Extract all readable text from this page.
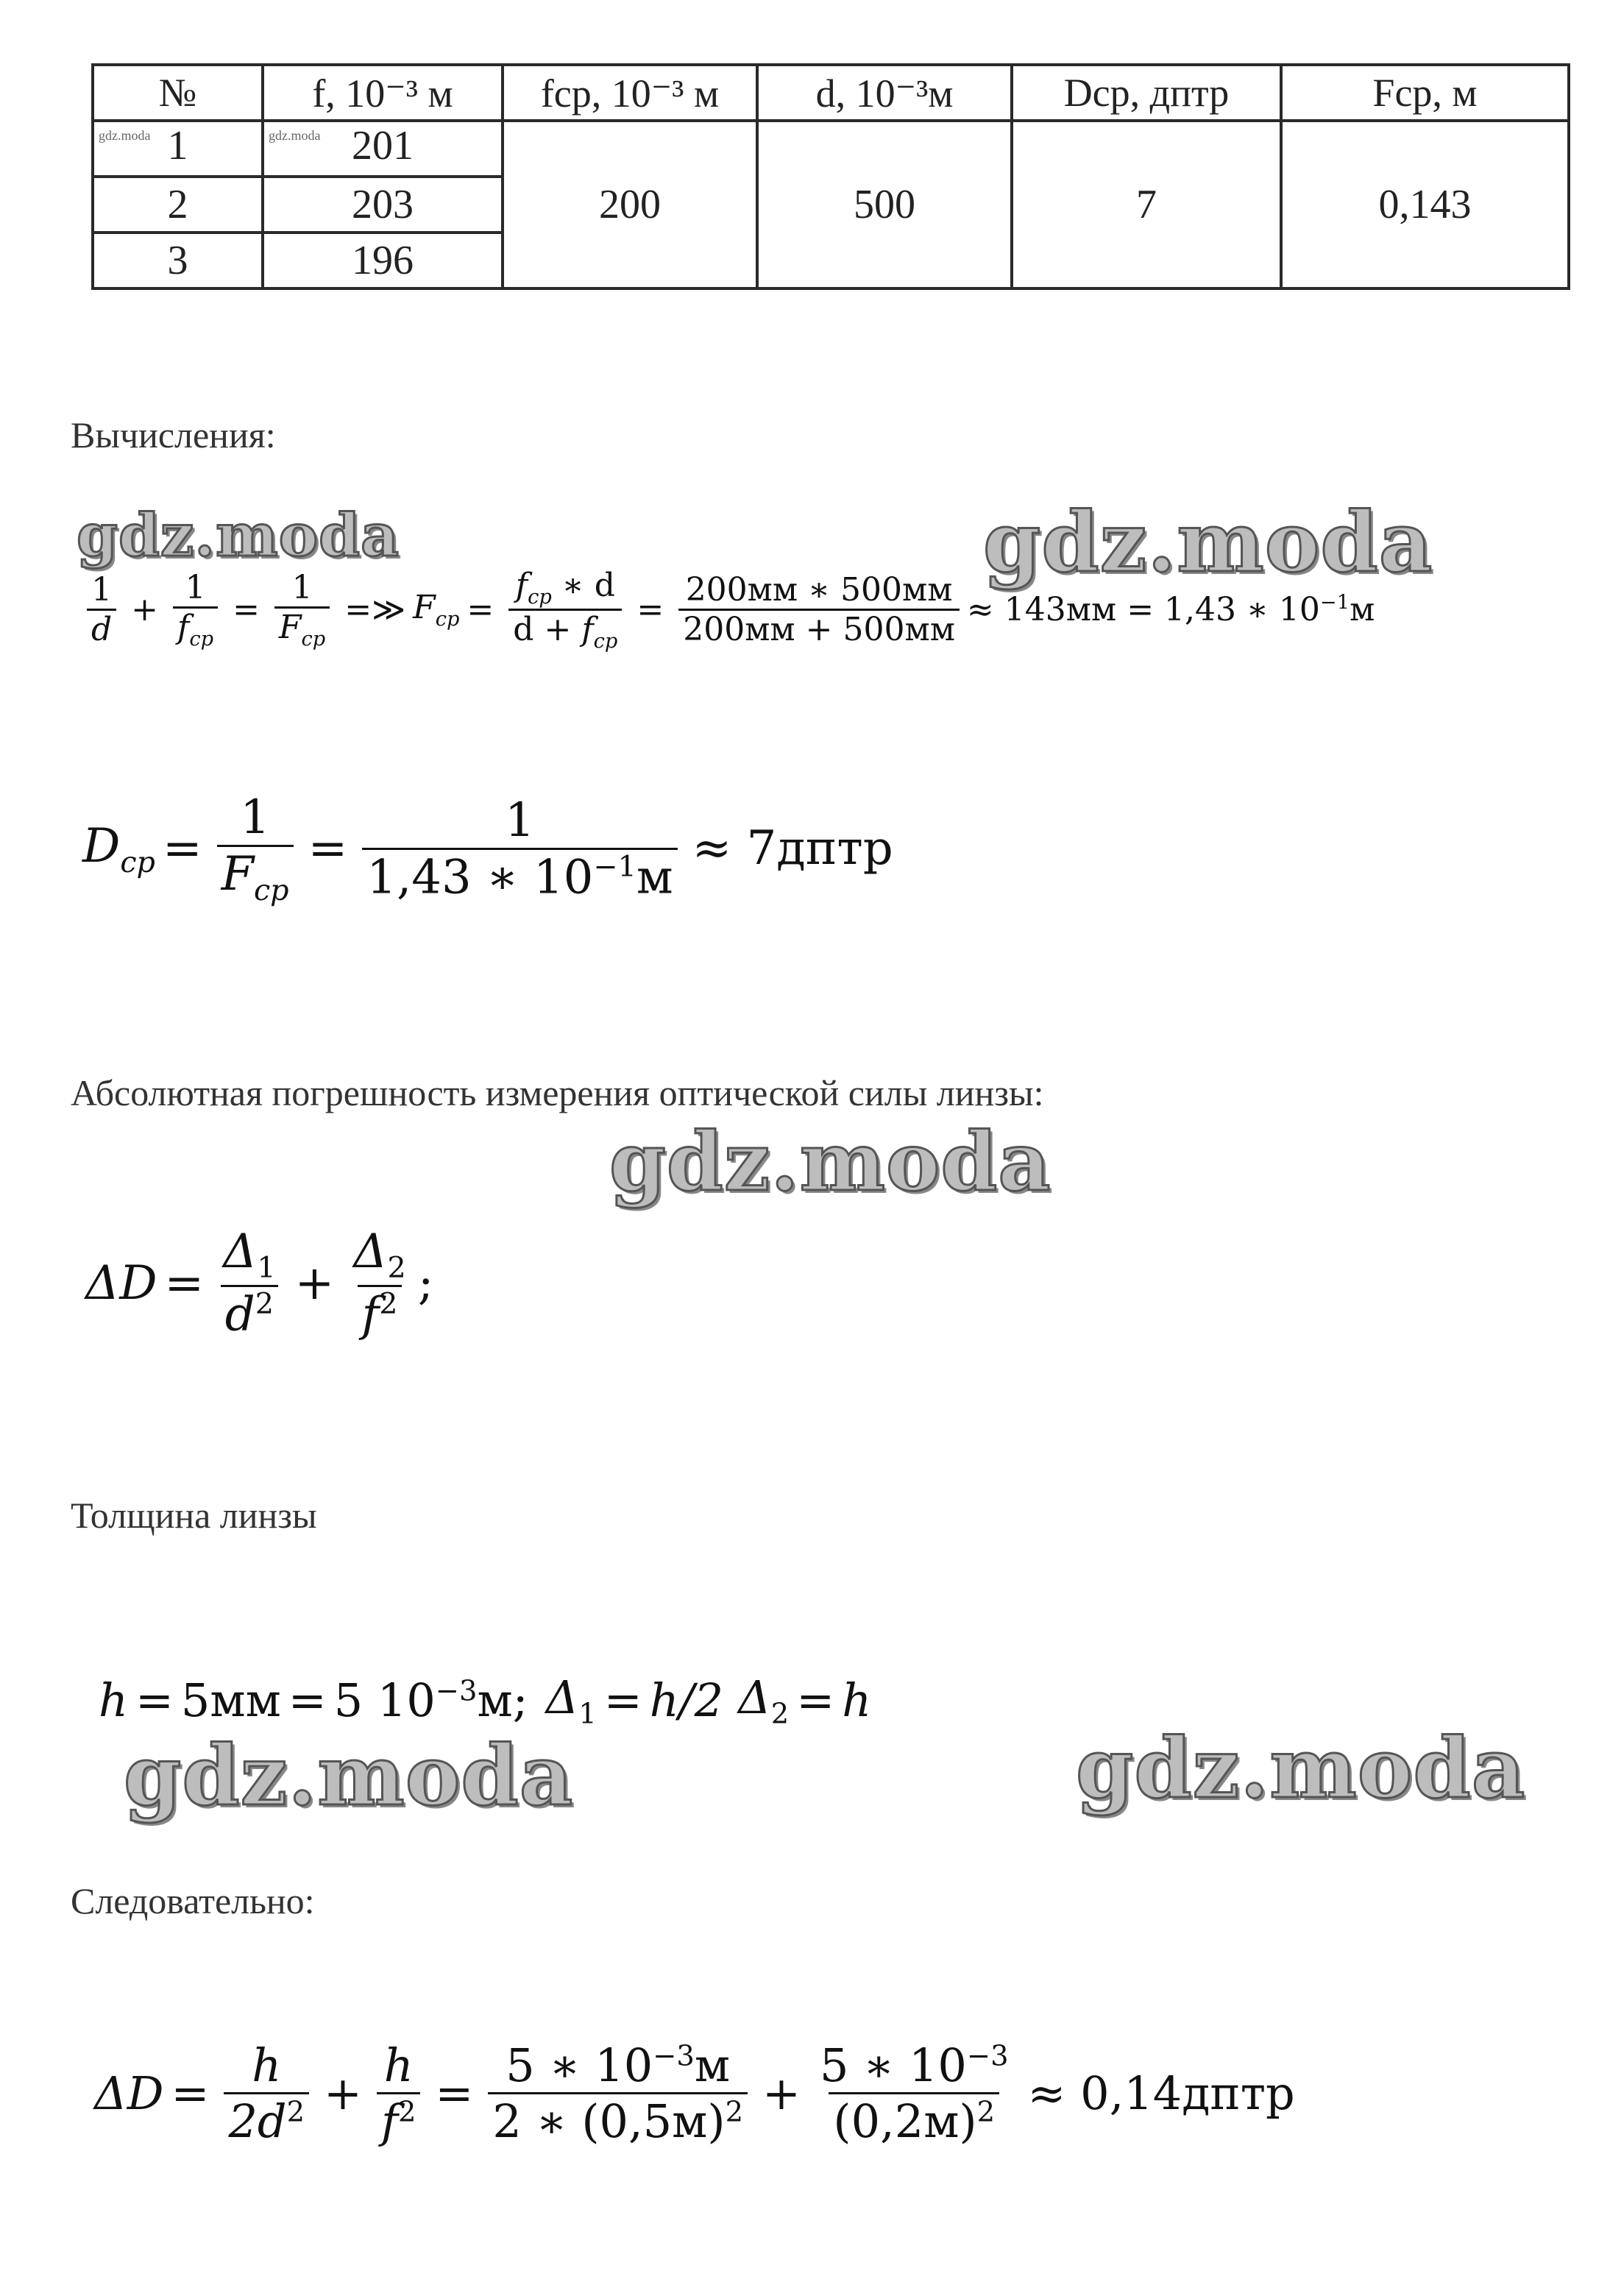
№	f, 10⁻³ м	fср, 10⁻³ м	d, 10⁻³м	Dср, дптр	Fср, м

gdz.moda 1	gdz.moda 201	200	500	7	0,143
2	203				
3	196				
Вычисления:
gdz.moda	gdz.moda
$\frac{1}{d} + \frac{1}{f_{cp}} = \frac{1}{F_{cp}}$ =≫ $F_{cp} = \frac{f_{cp} ∗ d}{d + f_{cp}} = \frac{200мм ∗ 500мм}{200мм + 500мм} \approx 143мм = 1,43$ ∗ $10^{-1}м$
$D_{cp} = \frac{1}{F_{cp}} = \frac{1}{1,43 ∗ 10^{-1}м}$ ≈ 7дптр
Абсолютная погрешность измерения оптической силы линзы:
gdz.moda
$\Delta D = \frac{\Delta_1}{d^2} + \frac{\Delta_2}{f^2}$ ;
Толщина линзы
h = 5мм = 5 $10^{-3}м$; $\Delta_1 = h/2$ $\Delta_2 = h$
gdz.moda	gdz.moda
Следовательно:
$\Delta D = \frac{h}{2d^2} + \frac{h}{f^2} = \frac{5 ∗ 10^{-3}м}{2 ∗ (0,5м)^2} + \frac{5 ∗ 10^{-3}}{(0,2м)^2}$ ≈ 0,14дптр
